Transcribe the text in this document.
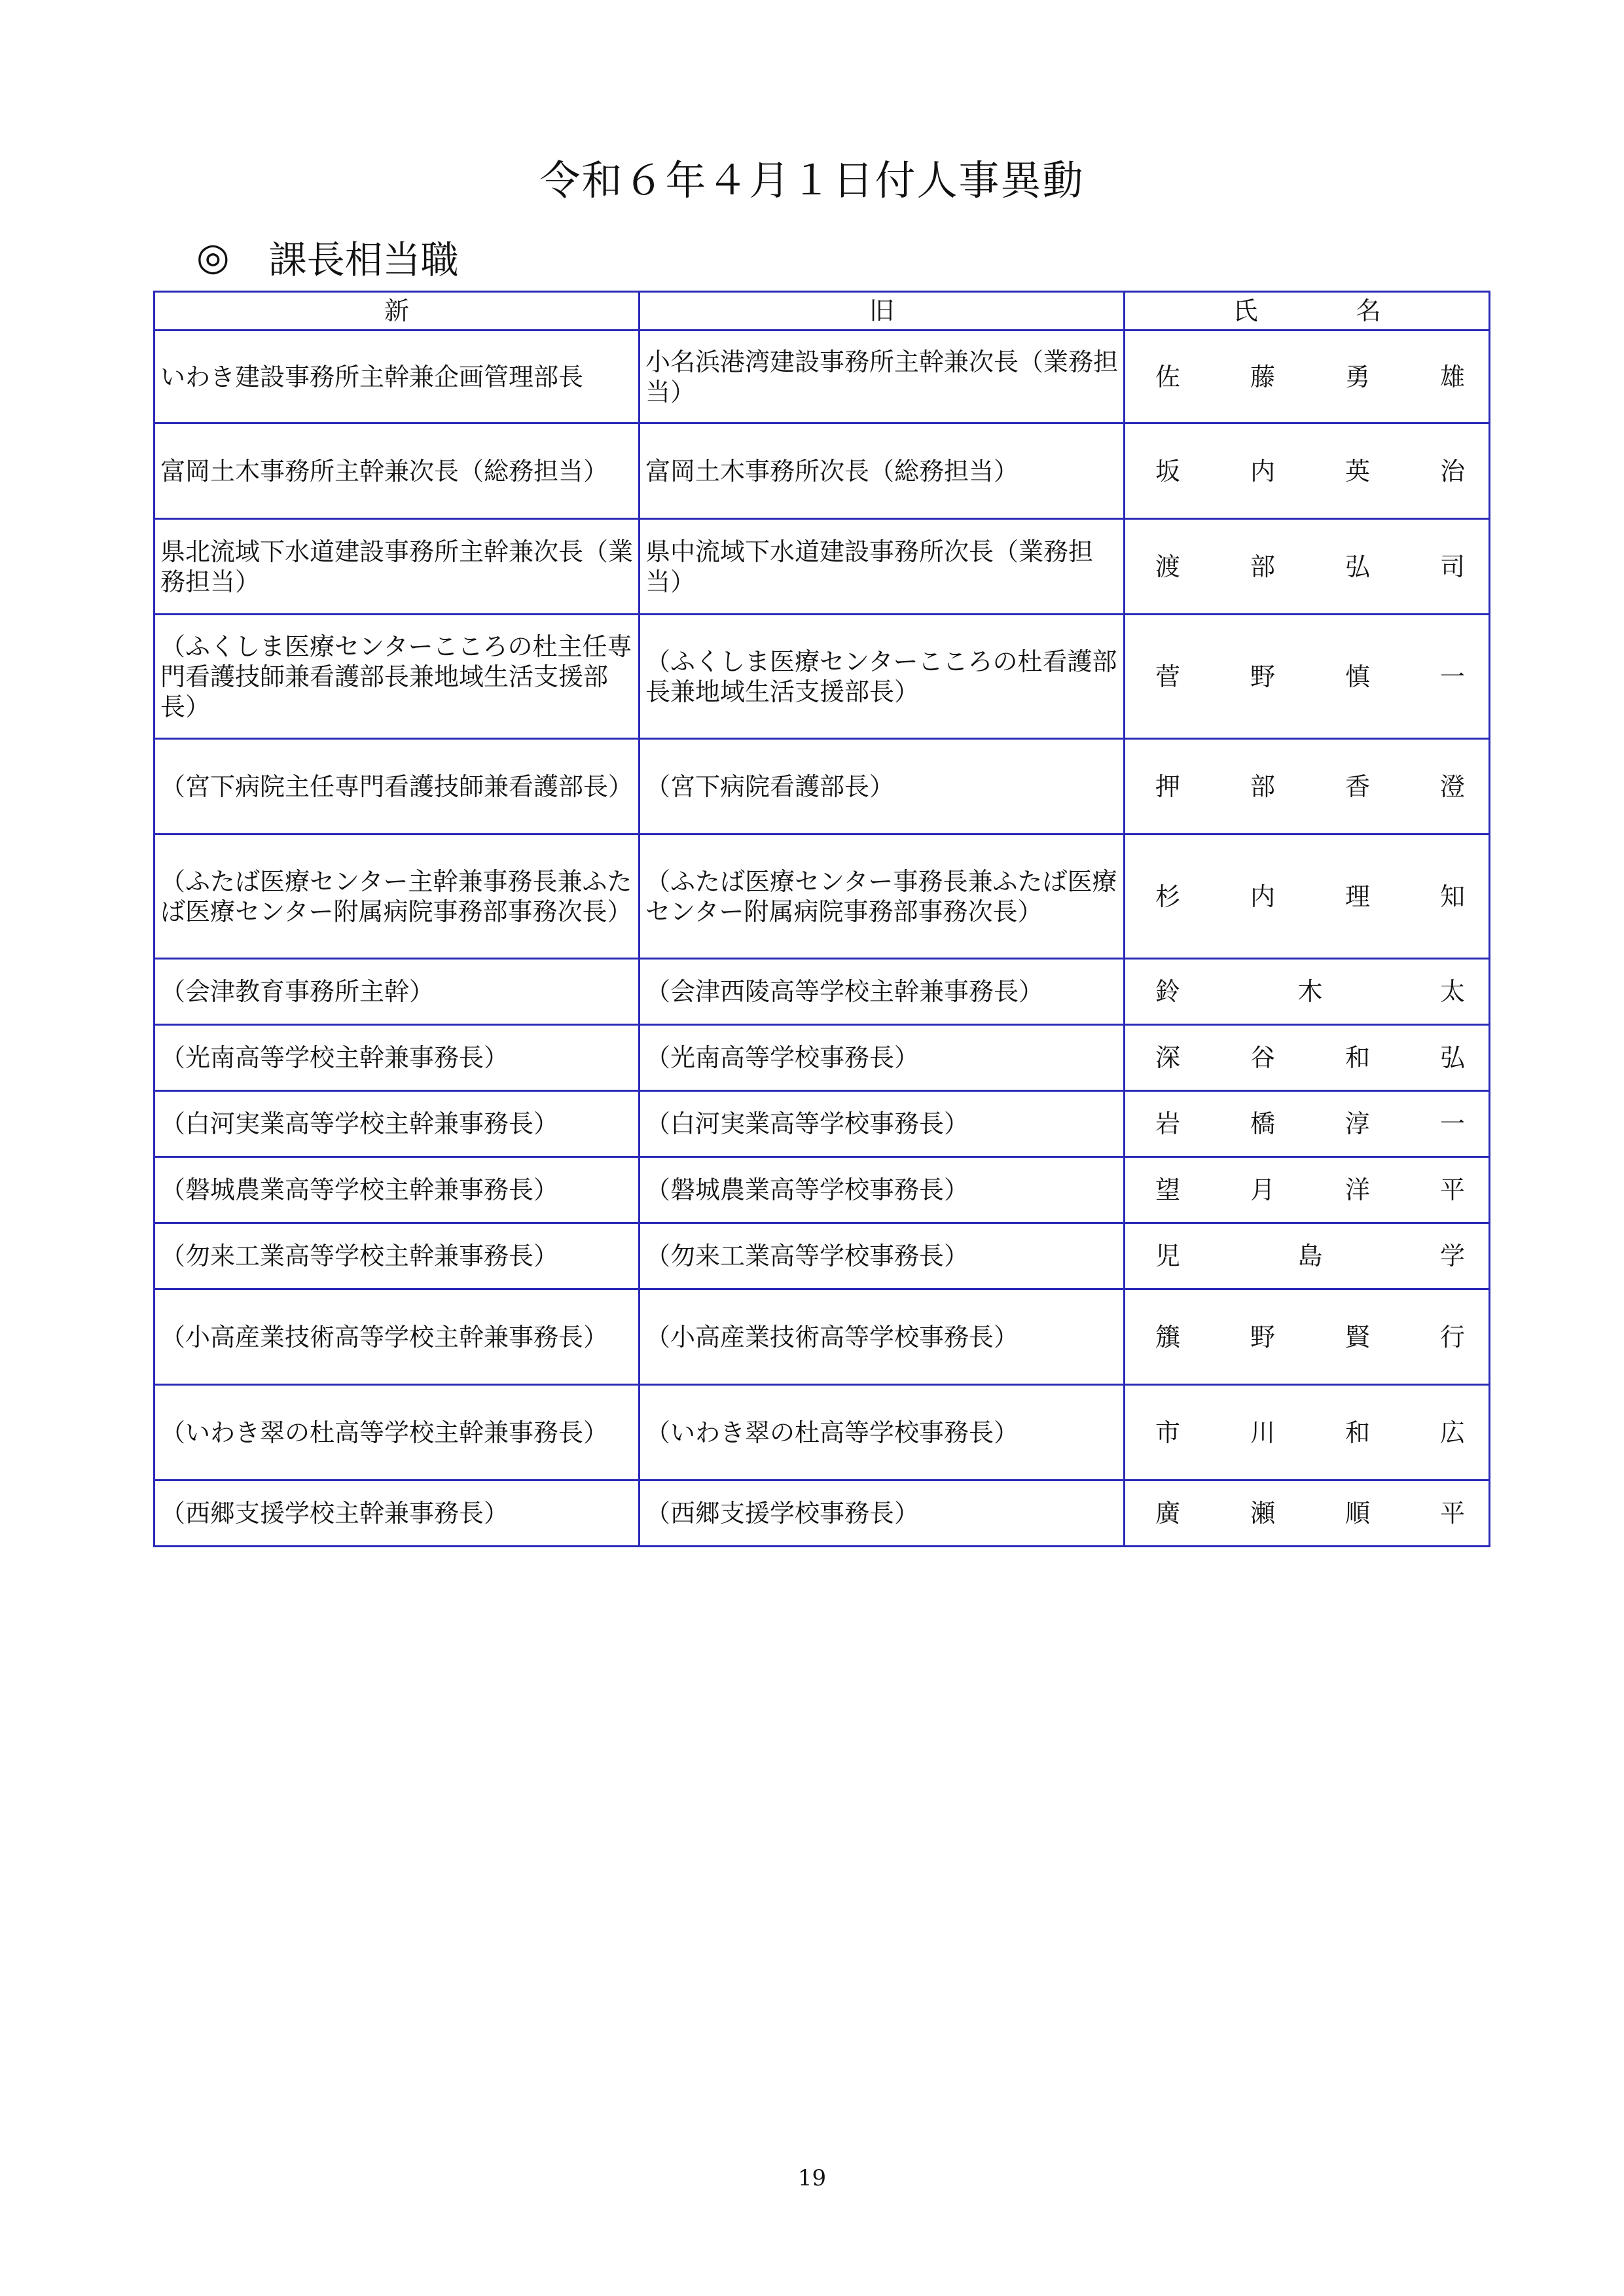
令和６年４月１日付人事異動
◎ 課長相当職
新	旧	氏 名

いわき建設事務所主幹兼企画管理部長	小名浜港湾建設事務所主幹兼次長（業務担当）	佐 藤 勇 雄

富岡土木事務所主幹兼次長（総務担当）	富岡土木事務所次長（総務担当）	坂 内 英 治

県北流域下水道建設事務所主幹兼次長（業務担当）	県中流域下水道建設事務所次長（業務担当）	渡 部 弘 司

（ふくしま医療センターこころの杜主任専門看護技師兼看護部長兼地域生活支援部長）	（ふくしま医療センターこころの杜看護部長兼地域生活支援部長）	菅 野 慎 一

（宮下病院主任専門看護技師兼看護部長）	（宮下病院看護部長）	押 部 香 澄

（ふたば医療センター主幹兼事務長兼ふたば医療センター附属病院事務部事務次長）	（ふたば医療センター事務長兼ふたば医療センター附属病院事務部事務次長）	杉 内 理 知

（会津教育事務所主幹）	（会津西陵高等学校主幹兼事務長）	鈴 木 太

（光南高等学校主幹兼事務長）	（光南高等学校事務長）	深 谷 和 弘

（白河実業高等学校主幹兼事務長）	（白河実業高等学校事務長）	岩 橋 淳 一

（磐城農業高等学校主幹兼事務長）	（磐城農業高等学校事務長）	望 月 洋 平

（勿来工業高等学校主幹兼事務長）	（勿来工業高等学校事務長）	児 島 学

（小高産業技術高等学校主幹兼事務長）	（小高産業技術高等学校事務長）	籏 野 賢 行

（いわき翠の杜高等学校主幹兼事務長）	（いわき翠の杜高等学校事務長）	市 川 和 広

（西郷支援学校主幹兼事務長）	（西郷支援学校事務長）	廣 瀬 順 平
19
